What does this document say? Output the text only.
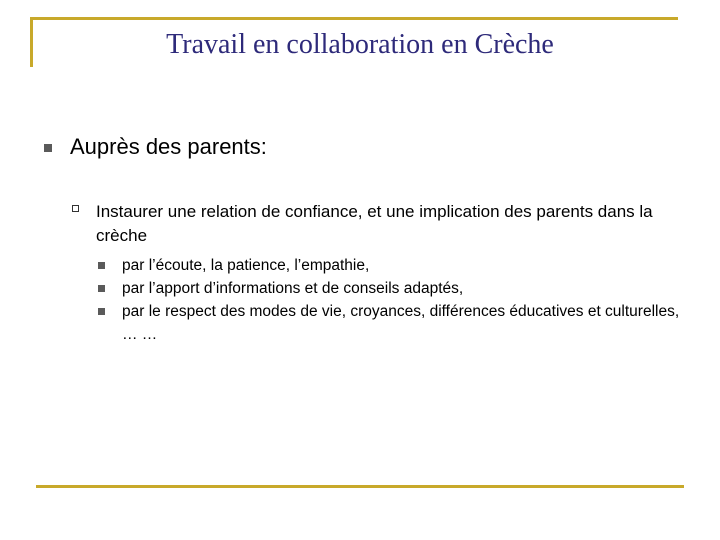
Travail en collaboration en Crèche
Auprès des parents:
Instaurer une relation de confiance, et une implication des parents dans la crèche
par l’écoute, la patience, l’empathie,
par l’apport d’informations et de conseils adaptés,
par le respect des modes de vie, croyances, différences éducatives et culturelles, … …
